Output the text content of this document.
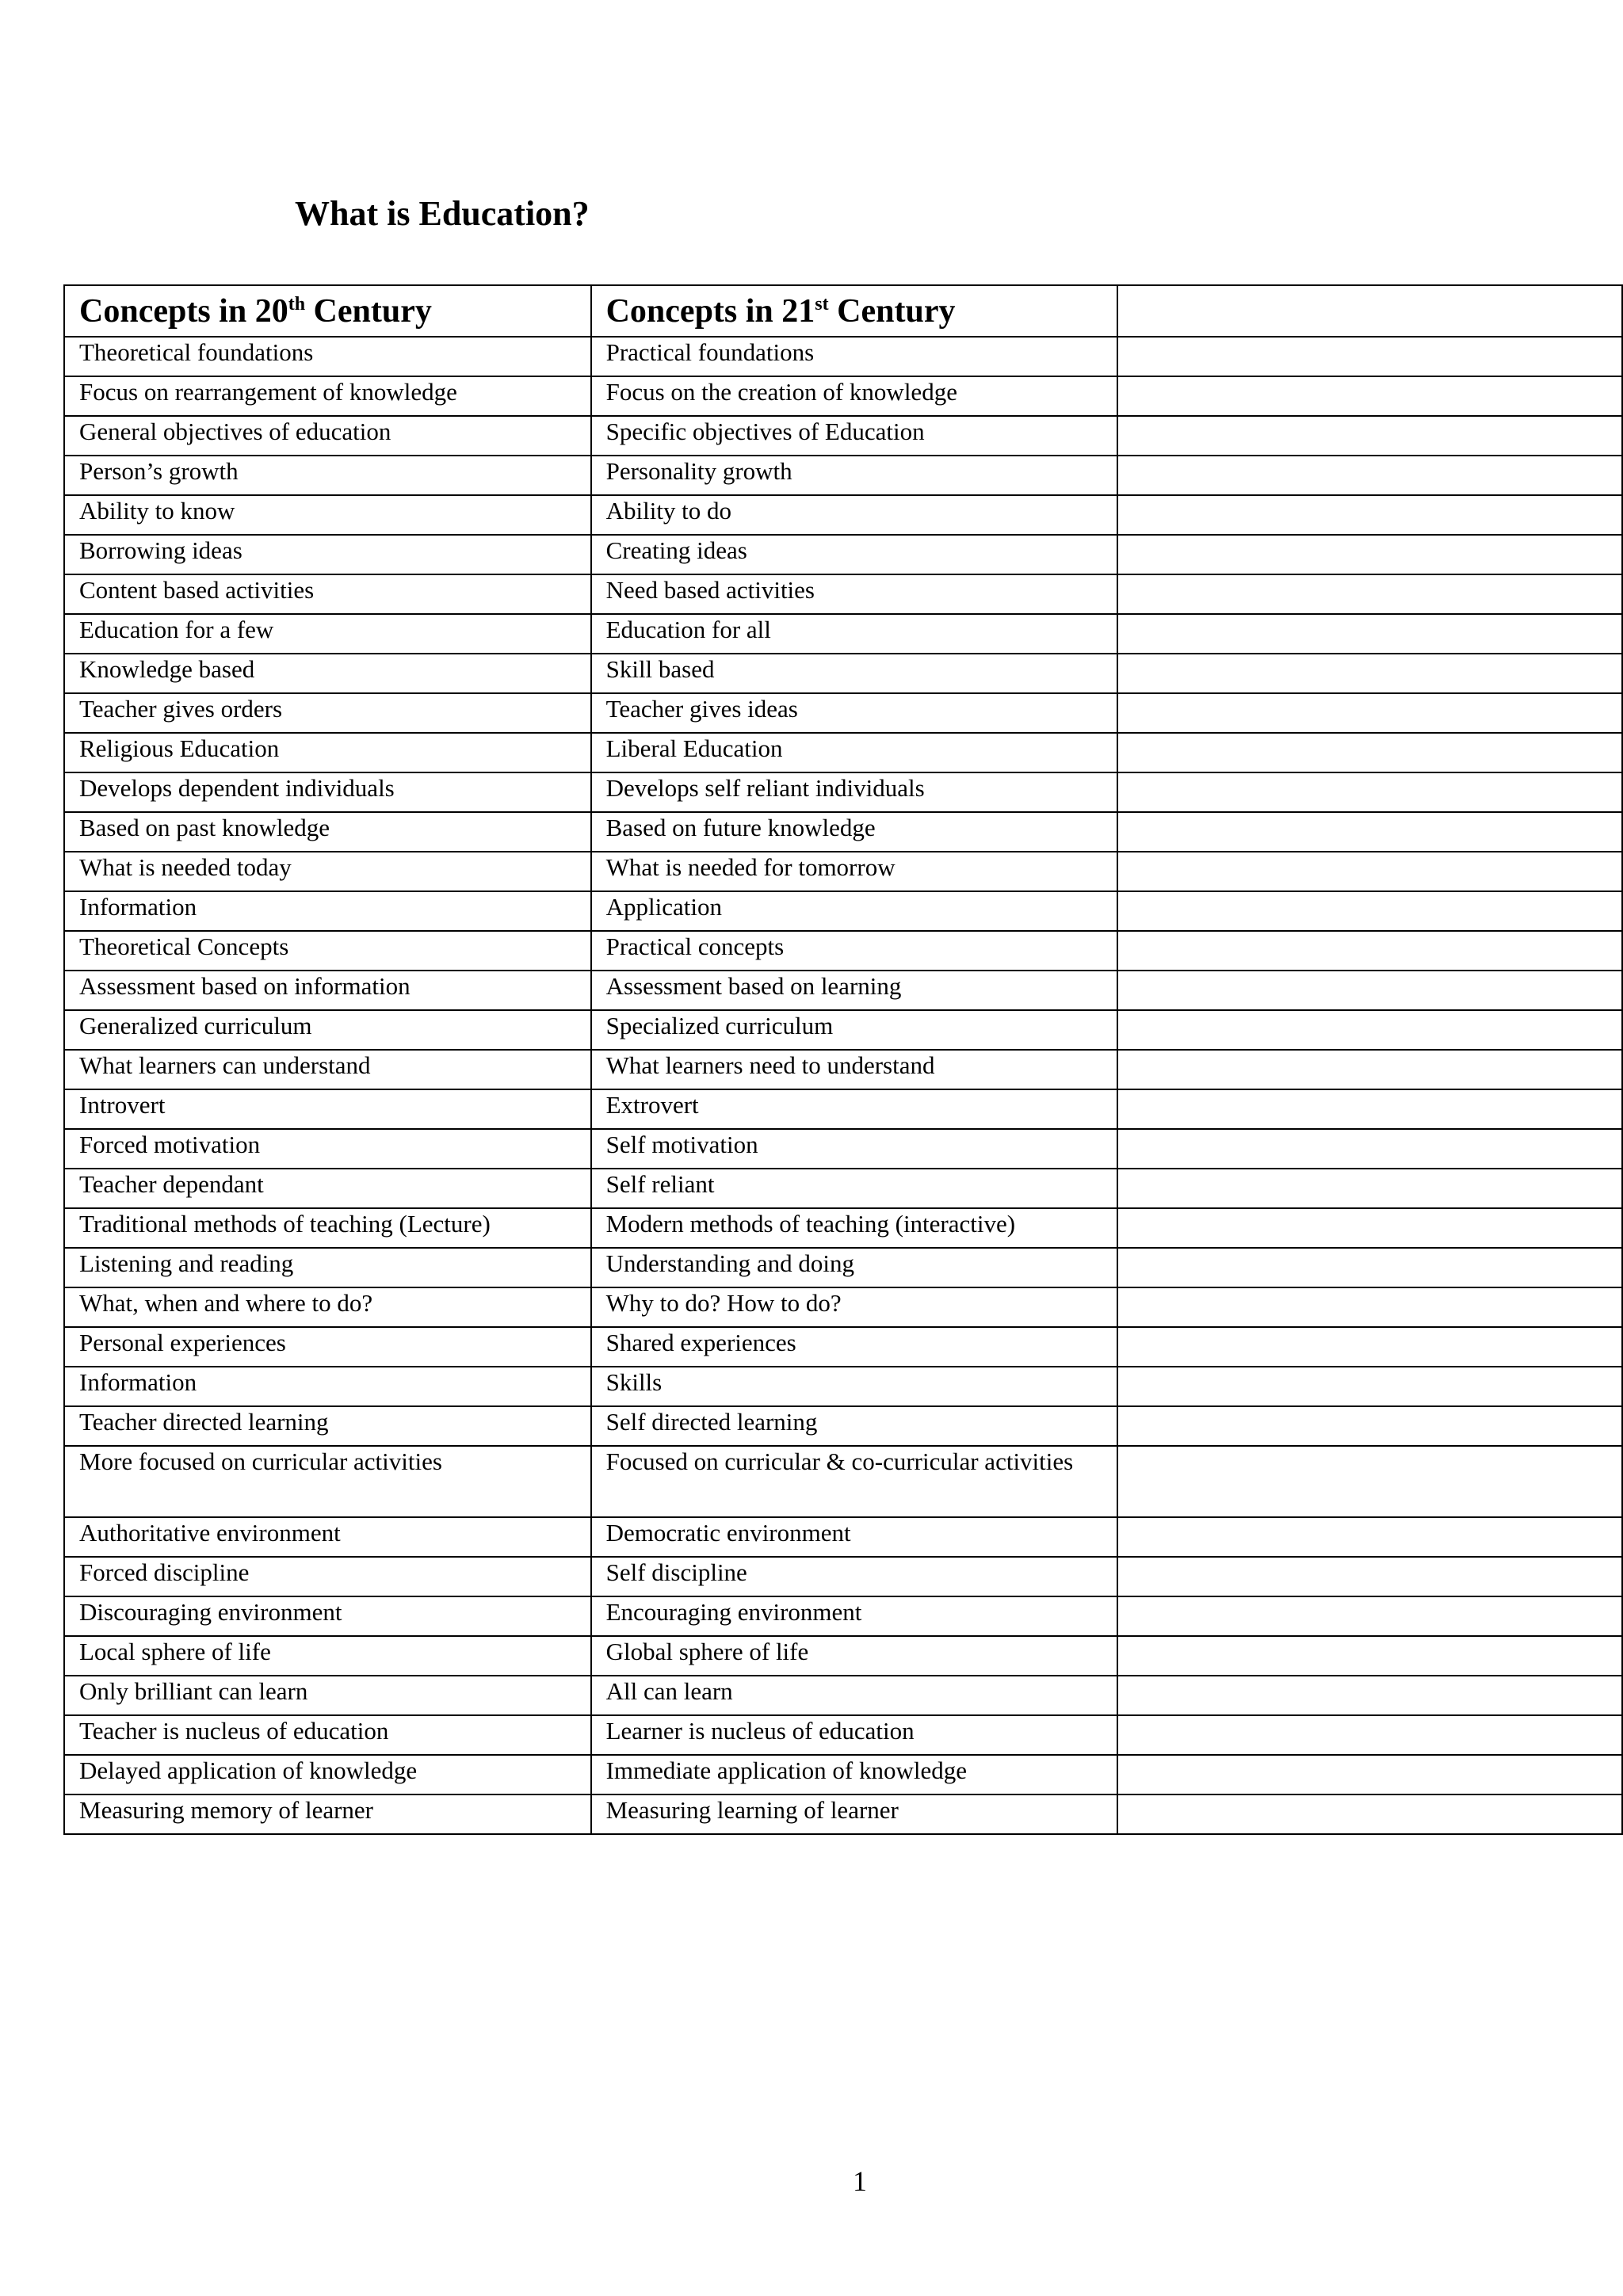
What is Education?
Concepts in 20th Century	Concepts in 21st Century	
Theoretical foundations	Practical foundations	
Focus on rearrangement of knowledge	Focus on the creation of knowledge	
General objectives of education	Specific objectives of Education	
Person’s growth	Personality growth	
Ability to know	Ability to do	
Borrowing ideas	Creating ideas	
Content based activities	Need based activities	
Education for a few	Education for all	
Knowledge based	Skill based	
Teacher gives orders	Teacher gives ideas	
Religious Education	Liberal Education	
Develops dependent individuals	Develops self reliant individuals	
Based on past knowledge	Based on future knowledge	
What is needed today	What is needed for tomorrow	
Information	Application	
Theoretical Concepts	Practical concepts	
Assessment based on information	Assessment based on learning	
Generalized curriculum	Specialized curriculum	
What learners can understand	What learners need to understand	
Introvert	Extrovert	
Forced motivation	Self motivation	
Teacher dependant	Self reliant	
Traditional methods of teaching (Lecture)	Modern methods of teaching (interactive)	
Listening and reading	Understanding and doing	
What, when and where to do?	Why to do? How to do?	
Personal experiences	Shared experiences	
Information	Skills	
Teacher directed learning	Self directed learning	
More focused on curricular activities	Focused on curricular & co-curricular activities	
Authoritative environment	Democratic environment	
Forced discipline	Self discipline	
Discouraging environment	Encouraging environment	
Local sphere of life	Global sphere of life	
Only brilliant can learn	All can learn	
Teacher is nucleus of education	Learner is nucleus of education	
Delayed application of knowledge	Immediate application of knowledge	
Measuring memory of learner	Measuring learning of learner	
1
